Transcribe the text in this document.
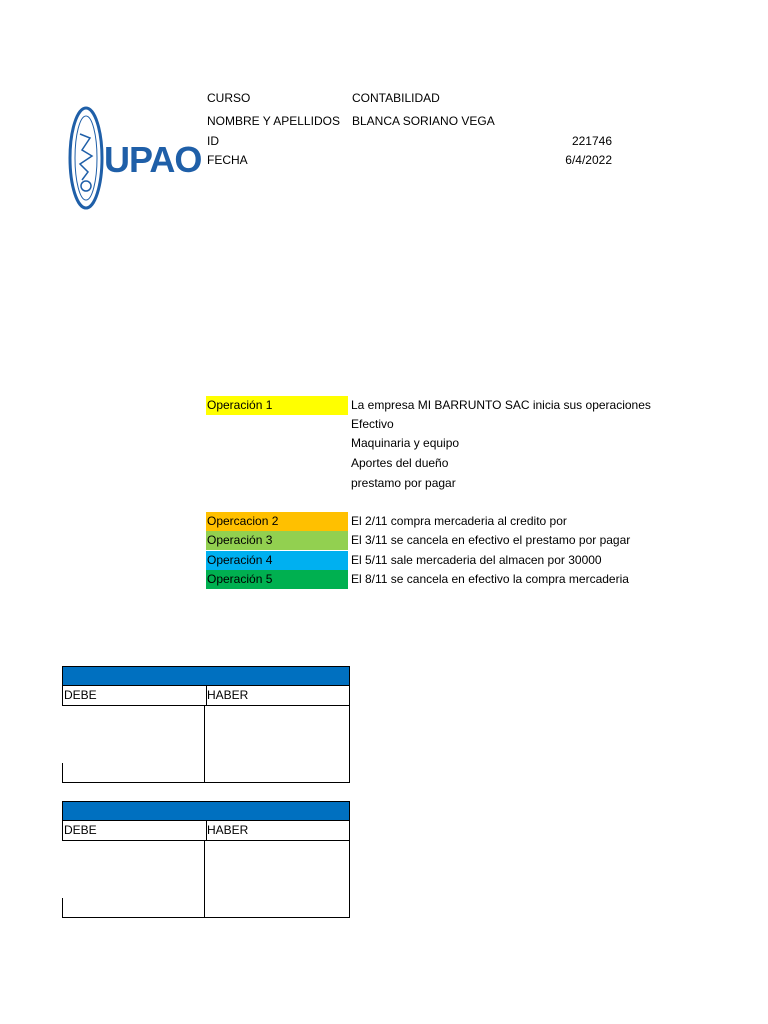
UPAO
CURSO	CONTABILIDAD
NOMBRE Y APELLIDOS	BLANCA SORIANO VEGA
ID	221746
FECHA	6/4/2022
Operación 1	La empresa MI BARRUNTO SAC inicia sus operaciones
Efectivo
Maquinaria y equipo
Aportes del dueño
prestamo por pagar
Opercacion 2	El 2/11 compra mercaderia al credito por
Operación 3	El 3/11 se cancela en efectivo el prestamo por pagar
Operación 4	El 5/11 sale mercaderia del almacen por 30000
Operación 5	El 8/11 se cancela en efectivo la compra mercaderia
DEBE	HABER
DEBE	HABER
